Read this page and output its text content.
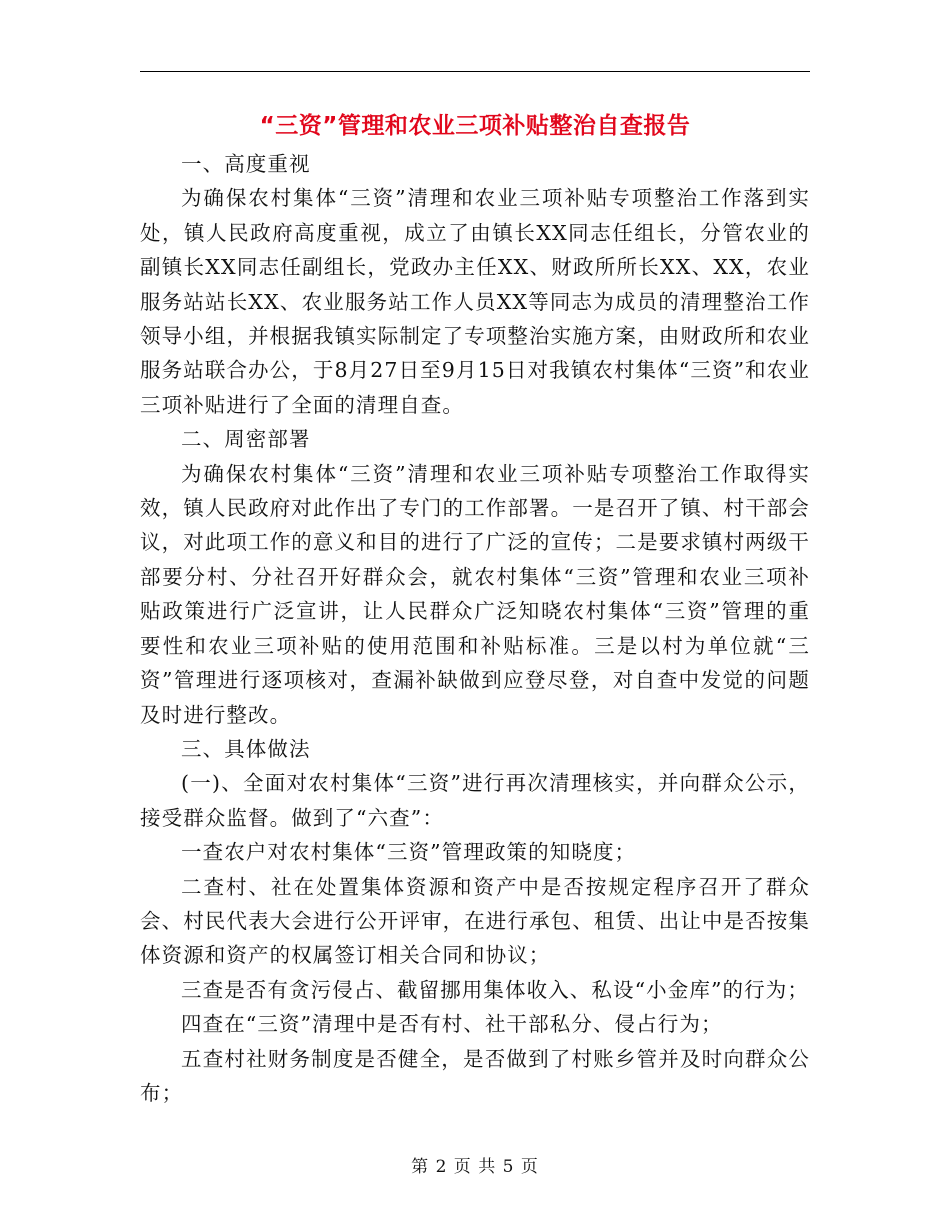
“三资”管理和农业三项补贴整治自查报告

一、高度重视

为确保农村集体“三资”清理和农业三项补贴专项整治工作落到实处，镇人民政府高度重视，成立了由镇长XX同志任组长，分管农业的副镇长XX同志任副组长，党政办主任XX、财政所所长XX、XX，农业服务站站长XX、农业服务站工作人员XX等同志为成员的清理整治工作领导小组，并根据我镇实际制定了专项整治实施方案，由财政所和农业服务站联合办公，于8月27日至9月15日对我镇农村集体“三资”和农业三项补贴进行了全面的清理自查。

二、周密部署

为确保农村集体“三资”清理和农业三项补贴专项整治工作取得实效，镇人民政府对此作出了专门的工作部署。一是召开了镇、村干部会议，对此项工作的意义和目的进行了广泛的宣传；二是要求镇村两级干部要分村、分社召开好群众会，就农村集体“三资”管理和农业三项补贴政策进行广泛宣讲，让人民群众广泛知晓农村集体“三资”管理的重要性和农业三项补贴的使用范围和补贴标准。三是以村为单位就“三资”管理进行逐项核对，查漏补缺做到应登尽登，对自查中发觉的问题及时进行整改。

三、具体做法

(一)、全面对农村集体“三资”进行再次清理核实，并向群众公示，接受群众监督。做到了“六查”：

一查农户对农村集体“三资”管理政策的知晓度；

二查村、社在处置集体资源和资产中是否按规定程序召开了群众会、村民代表大会进行公开评审，在进行承包、租赁、出让中是否按集体资源和资产的权属签订相关合同和协议；

三查是否有贪污侵占、截留挪用集体收入、私设“小金库”的行为；

四查在“三资”清理中是否有村、社干部私分、侵占行为；

五查村社财务制度是否健全，是否做到了村账乡管并及时向群众公布；

第 2 页 共 5 页
